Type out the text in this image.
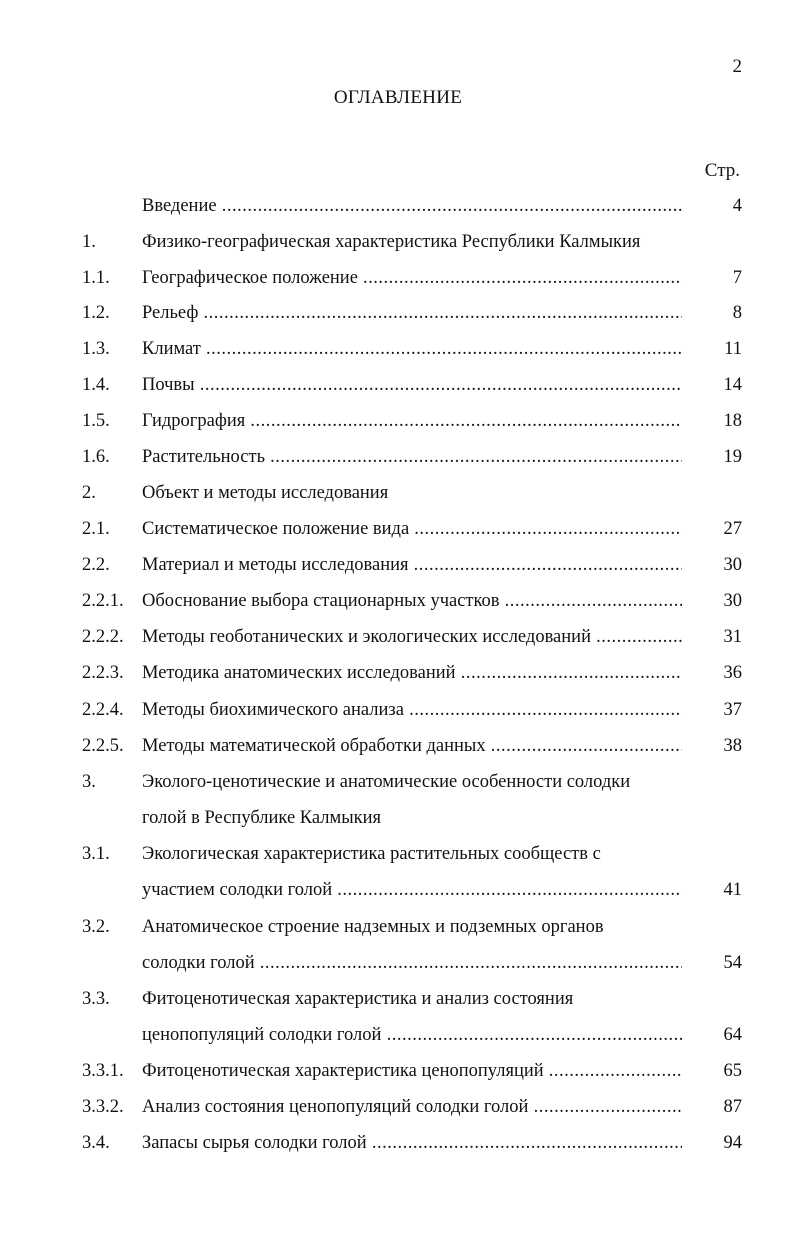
2
ОГЛАВЛЕНИЕ
Стр.
Введение .....	4
1. Физико-географическая характеристика Республики Калмыкия
1.1. Географическое положение .....	7
1.2. Рельеф .....	8
1.3. Климат .....	11
1.4. Почвы .....	14
1.5. Гидрография .....	18
1.6. Растительность .....	19
2. Объект и методы исследования
2.1. Систематическое положение вида .....	27
2.2. Материал и методы исследования .....	30
2.2.1. Обоснование выбора стационарных участков .....	30
2.2.2. Методы геоботанических и экологических исследований .....	31
2.2.3. Методика анатомических исследований .....	36
2.2.4. Методы биохимического анализа .....	37
2.2.5. Методы математической обработки данных .....	38
3. Эколого-ценотические и анатомические особенности солодки
голой в Республике Калмыкия
3.1. Экологическая характеристика растительных сообществ с
участием солодки голой .....	41
3.2. Анатомическое строение надземных и подземных органов
солодки голой .....	54
3.3. Фитоценотическая характеристика и анализ состояния
ценопопуляций солодки голой .....	64
3.3.1. Фитоценотическая характеристика ценопопуляций .....	65
3.3.2. Анализ состояния ценопопуляций солодки голой .....	87
3.4. Запасы сырья солодки голой .....	94
